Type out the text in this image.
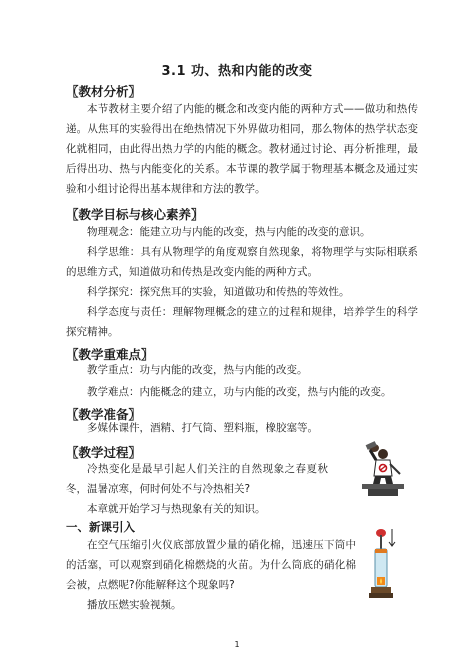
3.1 功、热和内能的改变
〖教材分析〗
本节教材主要介绍了内能的概念和改变内能的两种方式——做功和热传递。从焦耳的实验得出在绝热情况下外界做功相同，那么物体的热学状态变化就相同，由此得出热力学的内能的概念。教材通过讨论、再分析推理，最后得出功、热与内能变化的关系。本节课的教学属于物理基本概念及通过实验和小组讨论得出基本规律和方法的教学。
〖教学目标与核心素养〗
物理观念：能建立功与内能的改变，热与内能的改变的意识。
科学思维：具有从物理学的角度观察自然现象，将物理学与实际相联系的思维方式，知道做功和传热是改变内能的两种方式。
科学探究：探究焦耳的实验，知道做功和传热的等效性。
科学态度与责任：理解物理概念的建立的过程和规律，培养学生的科学探究精神。
〖教学重难点〗
教学重点：功与内能的改变，热与内能的改变。
教学难点：内能概念的建立，功与内能的改变，热与内能的改变。
〖教学准备〗
多媒体课件，酒精、打气筒、塑料瓶，橡胶塞等。
〖教学过程〗
冷热变化是最早引起人们关注的自然现象之春夏秋冬，温暑凉寒，何时何处不与冷热相关?
本章就开始学习与热现象有关的知识。
一、新课引入
在空气压缩引火仪底部放置少量的硝化棉，迅速压下筒中的活塞，可以观察到硝化棉燃烧的火苗。为什么筒底的硝化棉会被，点燃呢?你能解释这个现象吗?
播放压燃实验视频。
1
